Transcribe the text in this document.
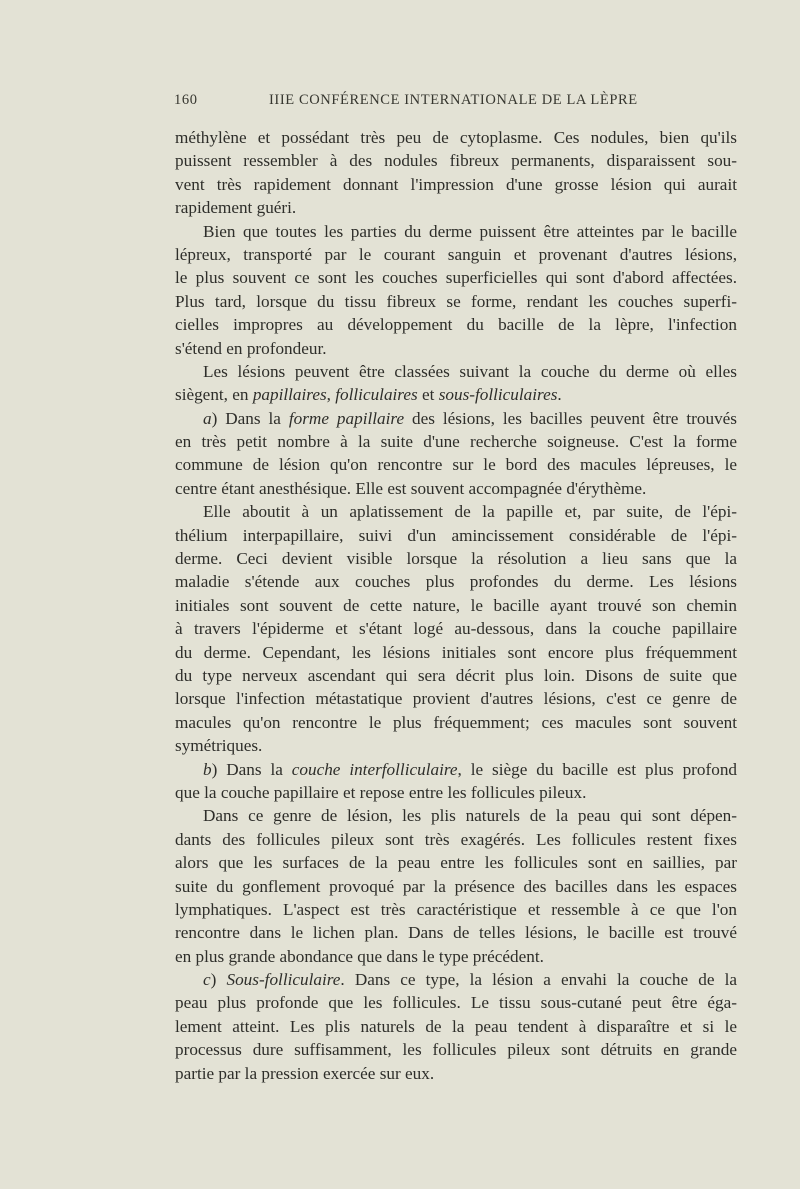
160	IIIE CONFÉRENCE INTERNATIONALE DE LA LÈPRE
méthylène et possédant très peu de cytoplasme. Ces nodules, bien qu'ils
puissent ressembler à des nodules fibreux permanents, disparaissent sou-
vent très rapidement donnant l'impression d'une grosse lésion qui aurait
rapidement guéri.
Bien que toutes les parties du derme puissent être atteintes par le bacille
lépreux, transporté par le courant sanguin et provenant d'autres lésions,
le plus souvent ce sont les couches superficielles qui sont d'abord affectées.
Plus tard, lorsque du tissu fibreux se forme, rendant les couches superfi-
cielles impropres au développement du bacille de la lèpre, l'infection
s'étend en profondeur.
Les lésions peuvent être classées suivant la couche du derme où elles
siègent, en papillaires, folliculaires et sous-folliculaires.
a) Dans la forme papillaire des lésions, les bacilles peuvent être trouvés
en très petit nombre à la suite d'une recherche soigneuse. C'est la forme
commune de lésion qu'on rencontre sur le bord des macules lépreuses, le
centre étant anesthésique. Elle est souvent accompagnée d'érythème.
Elle aboutit à un aplatissement de la papille et, par suite, de l'épi-
thélium interpapillaire, suivi d'un amincissement considérable de l'épi-
derme. Ceci devient visible lorsque la résolution a lieu sans que la
maladie s'étende aux couches plus profondes du derme. Les lésions
initiales sont souvent de cette nature, le bacille ayant trouvé son chemin
à travers l'épiderme et s'étant logé au-dessous, dans la couche papillaire
du derme. Cependant, les lésions initiales sont encore plus fréquemment
du type nerveux ascendant qui sera décrit plus loin. Disons de suite que
lorsque l'infection métastatique provient d'autres lésions, c'est ce genre de
macules qu'on rencontre le plus fréquemment; ces macules sont souvent
symétriques.
b) Dans la couche interfolliculaire, le siège du bacille est plus profond
que la couche papillaire et repose entre les follicules pileux.
Dans ce genre de lésion, les plis naturels de la peau qui sont dépen-
dants des follicules pileux sont très exagérés. Les follicules restent fixes
alors que les surfaces de la peau entre les follicules sont en saillies, par
suite du gonflement provoqué par la présence des bacilles dans les espaces
lymphatiques. L'aspect est très caractéristique et ressemble à ce que l'on
rencontre dans le lichen plan. Dans de telles lésions, le bacille est trouvé
en plus grande abondance que dans le type précédent.
c) Sous-folliculaire. Dans ce type, la lésion a envahi la couche de la
peau plus profonde que les follicules. Le tissu sous-cutané peut être éga-
lement atteint. Les plis naturels de la peau tendent à disparaître et si le
processus dure suffisamment, les follicules pileux sont détruits en grande
partie par la pression exercée sur eux.
